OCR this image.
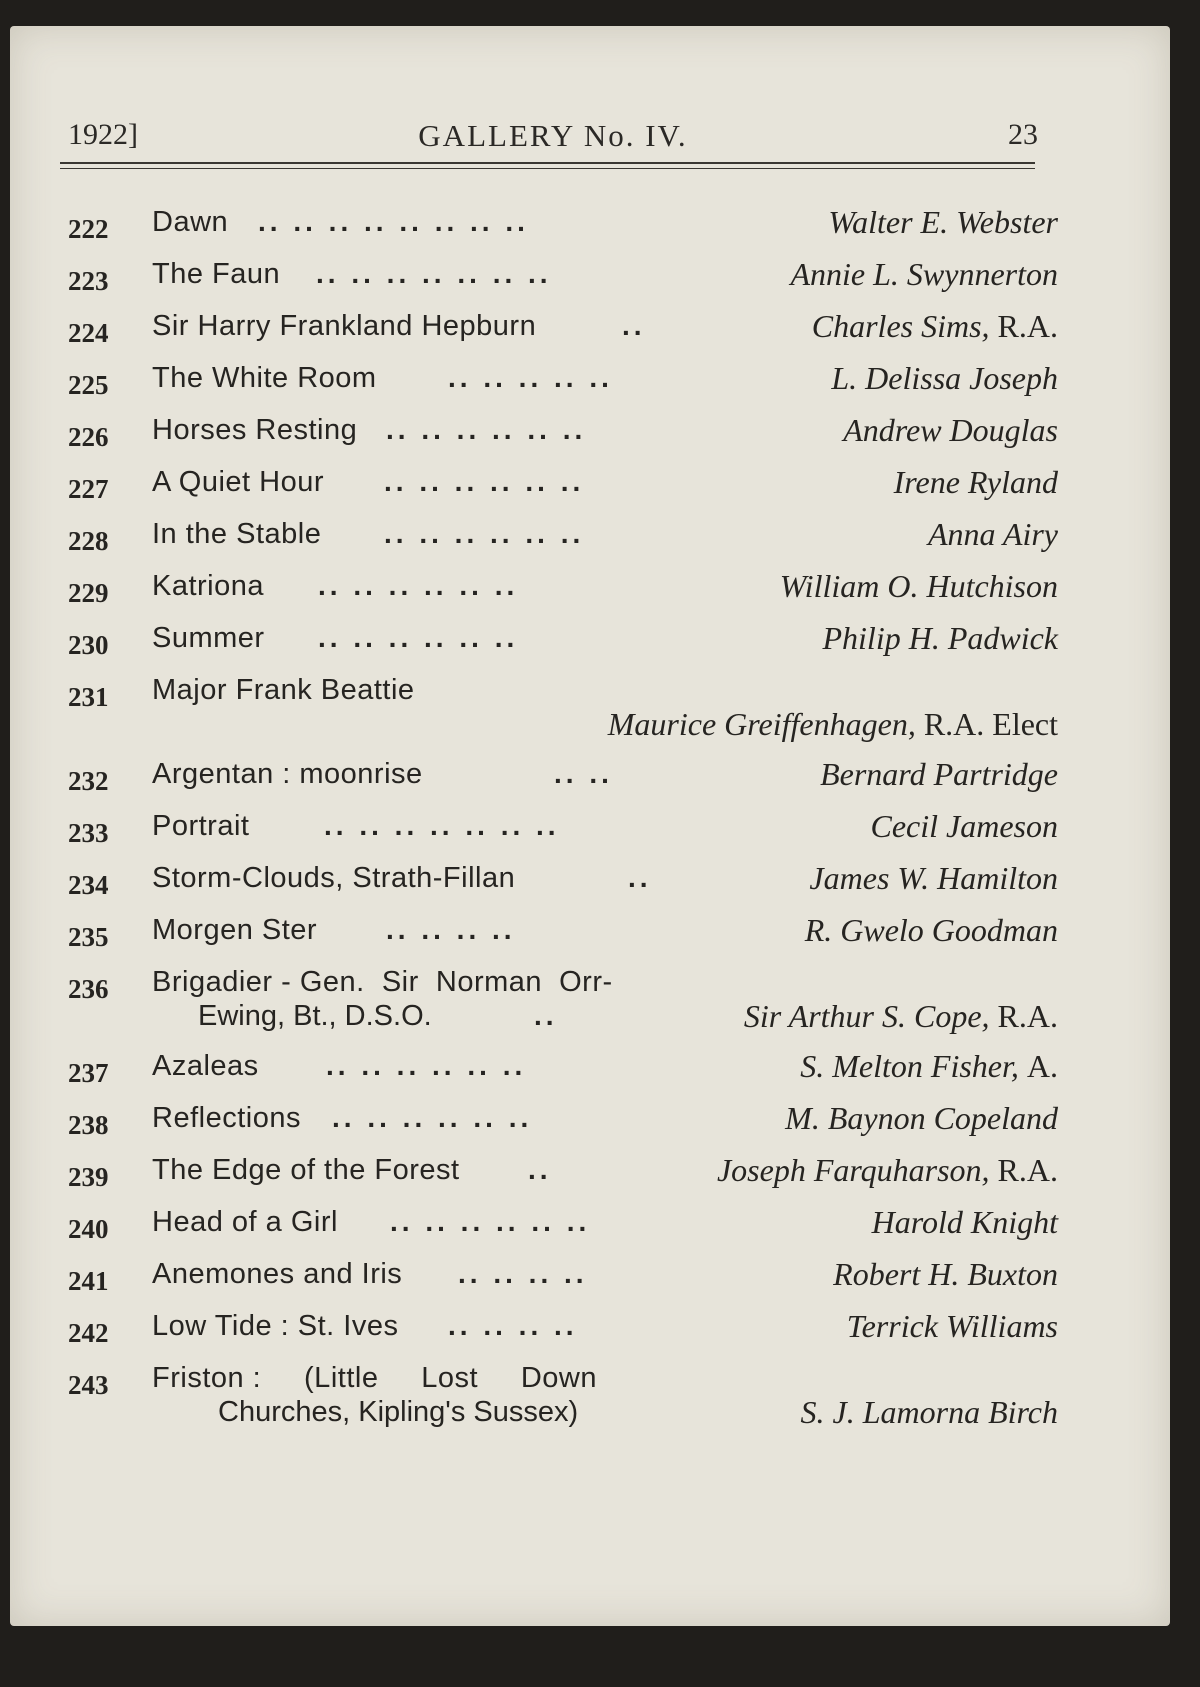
1922]	GALLERY No. IV.	23
222 Dawn .. .. .. .. .. .. .. ..	Walter E. Webster
223 The Faun .. .. .. .. .. .. ..	Annie L. Swynnerton
224 Sir Harry Frankland Hepburn	..	Charles Sims, R.A.
225 The White Room	.. .. .. .. ..	L. Delissa Joseph
226 Horses Resting .. .. .. .. .. ..	Andrew Douglas
227 A Quiet Hour .. .. .. .. .. ..	Irene Ryland
228 In the Stable .. .. .. .. .. ..	Anna Airy
229 Katriona .. .. .. .. .. ..	William O. Hutchison
230 Summer .. .. .. .. .. ..	Philip H. Padwick
231 Major Frank Beattie
Maurice Greiffenhagen, R.A. Elect
232 Argentan : moonrise	.. ..	Bernard Partridge
233 Portrait	.. .. .. .. .. .. ..	Cecil Jameson
234 Storm-Clouds, Strath-Fillan	..	James W. Hamilton
235 Morgen Ster .. .. .. ..	R. Gwelo Goodman
236 Brigadier - Gen.  Sir  Norman  Orr-
Ewing, Bt., D.S.O.	..	Sir Arthur S. Cope, R.A.
237 Azaleas .. .. .. .. .. ..	S. Melton Fisher, A.
238 Reflections .. .. .. .. .. ..	M. Baynon Copeland
239 The Edge of the Forest ..	Joseph Farquharson, R.A.
240 Head of a Girl .. .. .. .. .. ..	Harold Knight
241 Anemones and Iris .. .. .. ..	Robert H. Buxton
242 Low Tide : St. Ives .. .. .. ..	Terrick Williams
243 Friston :     (Little     Lost     Down
Churches, Kipling's Sussex)	S. J. Lamorna Birch
